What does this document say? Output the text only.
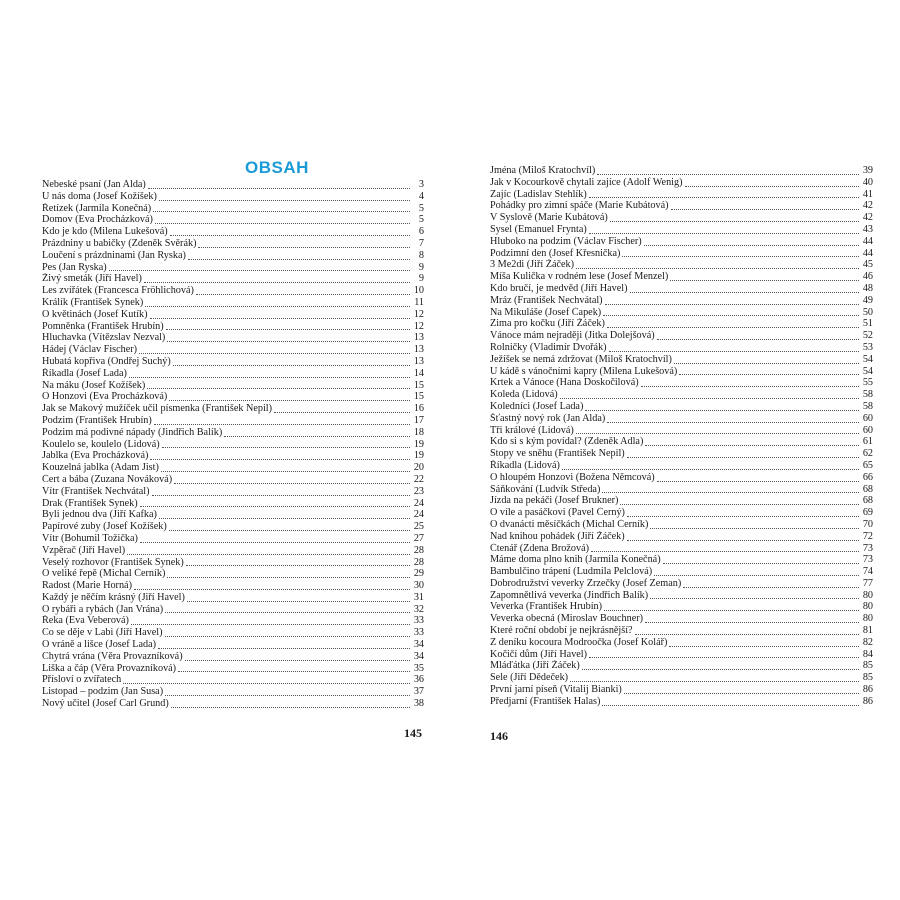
OBSAH
Nebeské psaní (Jan Alda)	3
U nás doma (Josef Kožíšek)	4
Řetízek (Jarmila Konečná)	5
Domov (Eva Procházková)	5
Kdo je kdo (Milena Lukešová)	6
Prázdniny u babičky (Zdeněk Svěrák)	7
Loučení s prázdninami (Jan Ryska)	8
Pes (Jan Ryska)	9
Živý smeták (Jiří Havel)	9
Les zvířátek (Francesca Fröhlichová)	10
Králík (František Synek)	11
O květinách (Josef Kutík)	12
Pomněnka (František Hrubín)	12
Hluchavka (Vítězslav Nezval)	13
Hádej (Václav Fischer)	13
Hubatá kopřiva (Ondřej Suchý)	13
Říkadla (Josef Lada)	14
Na máku (Josef Kožíšek)	15
O Honzovi (Eva Procházková)	15
Jak se Makový mužíček učil písmenka (František Nepil)	16
Podzim (František Hrubín)	17
Podzim má podivné nápady (Jindřich Balík)	18
Koulelo se, koulelo (Lidová)	19
Jablka (Eva Procházková)	19
Kouzelná jablka (Adam Jist)	20
Čert a bába (Zuzana Nováková)	22
Vítr (František Nechvátal)	23
Drak (František Synek)	24
Byli jednou dva (Jiří Kafka)	24
Papírové zuby (Josef Kožíšek)	25
Vítr (Bohumil Tožička)	27
Vzpěrač (Jiří Havel)	28
Veselý rozhovor (František Synek)	28
O veliké řepě (Michal Černík)	29
Radost (Marie Horná)	30
Každý je něčím krásný (Jiří Havel)	31
O rybáři a rybách (Jan Vrána)	32
Řeka (Eva Veberová)	33
Co se děje v Labi (Jiří Havel)	33
O vráně a lišce (Josef Lada)	34
Chytrá vrána (Věra Provazníková)	34
Liška a čáp (Věra Provazníková)	35
Přísloví o zvířatech	36
Listopad – podzim (Jan Susa)	37
Nový učitel (Josef Carl Grund)	38
145
Jména (Miloš Kratochvíl)	39
Jak v Kocourkově chytali zajíce (Adolf Wenig)	40
Zajíc (Ladislav Stehlík)	41
Pohádky pro zimní spáče (Marie Kubátová)	42
V Syslově (Marie Kubátová)	42
Sysel (Emanuel Frynta)	43
Hluboko na podzim (Václav Fischer)	44
Podzimní den (Josef Křesnička)	44
3 Me2di (Jiří Žáček)	45
Míša Kulička v rodném lese (Josef Menzel)	46
Kdo bručí, je medvěd (Jiří Havel)	48
Mráz (František Nechvátal)	49
Na Mikuláše (Josef Čapek)	50
Zima pro kočku (Jiří Žáček)	51
Vánoce mám nejraději (Jitka Dolejšová)	52
Rolničky (Vladimír Dvořák)	53
Ježíšek se nemá zdržovat (Miloš Kratochvíl)	54
U kádě s vánočními kapry (Milena Lukešová)	54
Krtek a Vánoce (Hana Doskočilová)	55
Koleda (Lidová)	58
Koledníci (Josef Lada)	58
Šťastný nový rok (Jan Alda)	60
Tři králové (Lidová)	60
Kdo si s kým povídal? (Zdeněk Adla)	61
Stopy ve sněhu (František Nepil)	62
Říkadla (Lidová)	65
O hloupém Honzovi (Božena Němcová)	66
Sáňkování (Ludvík Středa)	68
Jízda na pekáči (Josef Brukner)	68
O víle a pasáčkovi (Pavel Černý)	69
O dvanácti měsíčkách (Michal Černík)	70
Nad knihou pohádek (Jiří Žáček)	72
Čtenář (Zdena Brožová)	73
Máme doma plno knih (Jarmila Konečná)	73
Bambulčino trápení (Ludmila Pelclová)	74
Dobrodružství veverky Zrzečky (Josef Zeman)	77
Zapomnětlivá veverka (Jindřich Balík)	80
Veverka (František Hrubín)	80
Veverka obecná (Miroslav Bouchner)	80
Které roční období je nejkrásnější?	81
Z deníku kocoura Modroočka (Josef Kolář)	82
Kočičí dům (Jiří Havel)	84
Mláďátka (Jiří Žáček)	85
Sele (Jiří Dědeček)	85
První jarní píseň (Vitalij Bianki)	86
Předjarní (František Halas)	86
146
